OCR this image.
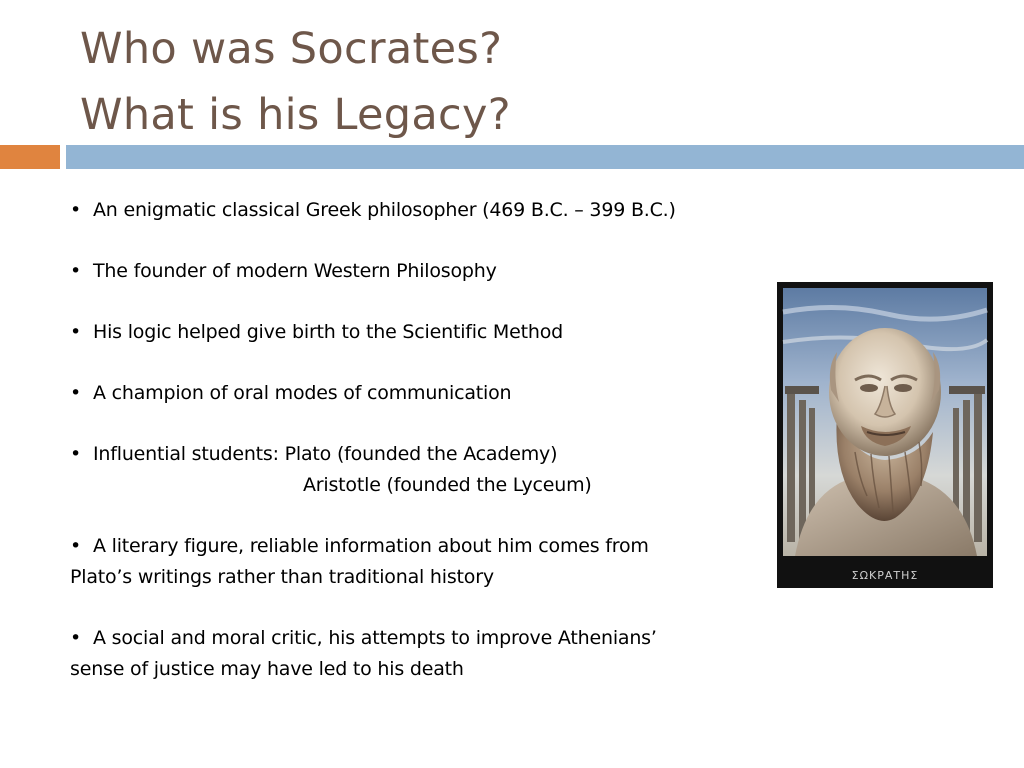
Who was Socrates?
What is his Legacy?
• An enigmatic classical Greek philosopher (469 B.C. – 399 B.C.)
• The founder of modern Western Philosophy
• His logic helped give birth to the Scientific Method
• A champion of oral modes of communication
• Influential students: Plato (founded the Academy)
Aristotle (founded the Lyceum)
• A literary figure, reliable information about him comes from
Plato’s writings rather than traditional history
• A social and moral critic, his attempts to improve Athenians’
sense of justice may have led to his death
ΣΩΚΡΑΤΗΣ
